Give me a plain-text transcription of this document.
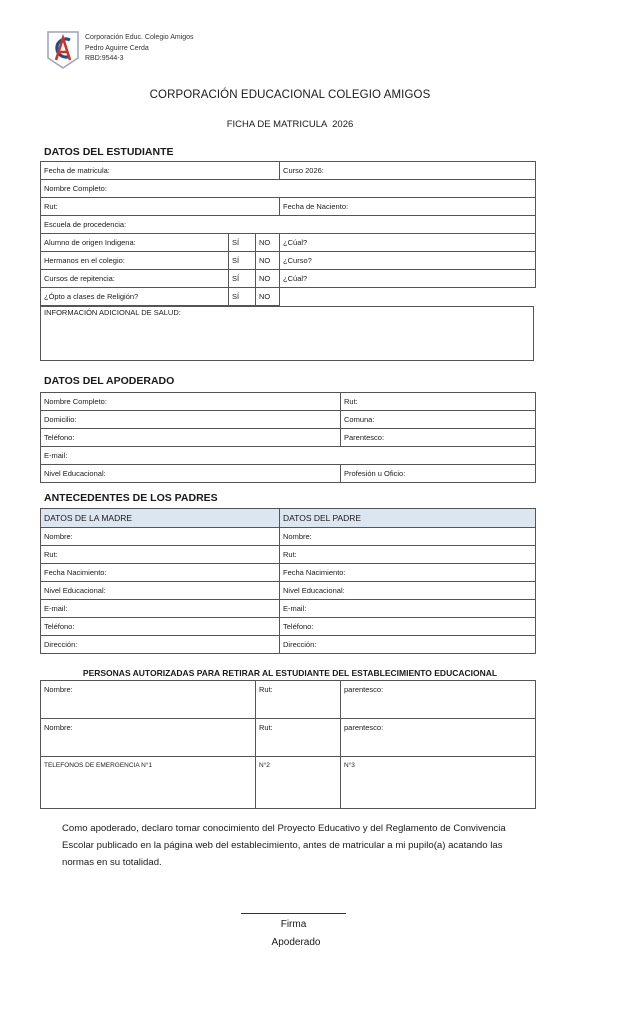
Corporación Educ. Colegio Amigos
Pedro Aguirre Cerda
RBD:9544-3
CORPORACIÓN EDUCACIONAL COLEGIO AMIGOS
FICHA DE MATRICULA  2026
DATOS DEL ESTUDIANTE
Fecha de matricula:			Curso 2026:
Nombre Completo:			
Rut:			Fecha de Naciento:
Escuela de procedencia:			
Alumno de origen Indigena:	SÍ	NO	¿Cúal?
Hermanos en el colegio:	SÍ	NO	¿Curso?
Cursos de repitencia:	SÍ	NO	¿Cúal?
¿Ópto a clases de Religión?	SÍ	NO	
INFORMACIÓN ADICIONAL DE SALUD:
DATOS DEL APODERADO
Nombre Completo:	Rut:
Domicilio:	Comuna:
Teléfono:	Parentesco:
E-mail:	
Nivel Educacional:	Profesión u Oficio:
ANTECEDENTES DE LOS PADRES
DATOS DE LA MADRE	DATOS DEL PADRE
Nombre:	Nombre:
Rut:	Rut:
Fecha Nacimiento:	Fecha Nacimiento:
Nivel Educacional:	Nivel Educacional:
E-mail:	E-mail:
Teléfono:	Teléfono:
Dirección:	Dirección:
PERSONAS AUTORIZADAS PARA RETIRAR AL ESTUDIANTE DEL ESTABLECIMIENTO EDUCACIONAL
Nombre:	Rut:	parentesco:
Nombre:	Rut:	parentesco:
TELEFONOS DE EMERGENCIA N°1	N°2	N°3
Como apoderado, declaro tomar conocimiento del Proyecto Educativo y del Reglamento de Convivencia Escolar publicado en la página web del establecimiento, antes de matricular a mi pupilo(a) acatando las normas en su totalidad.
Firma
Apoderado
